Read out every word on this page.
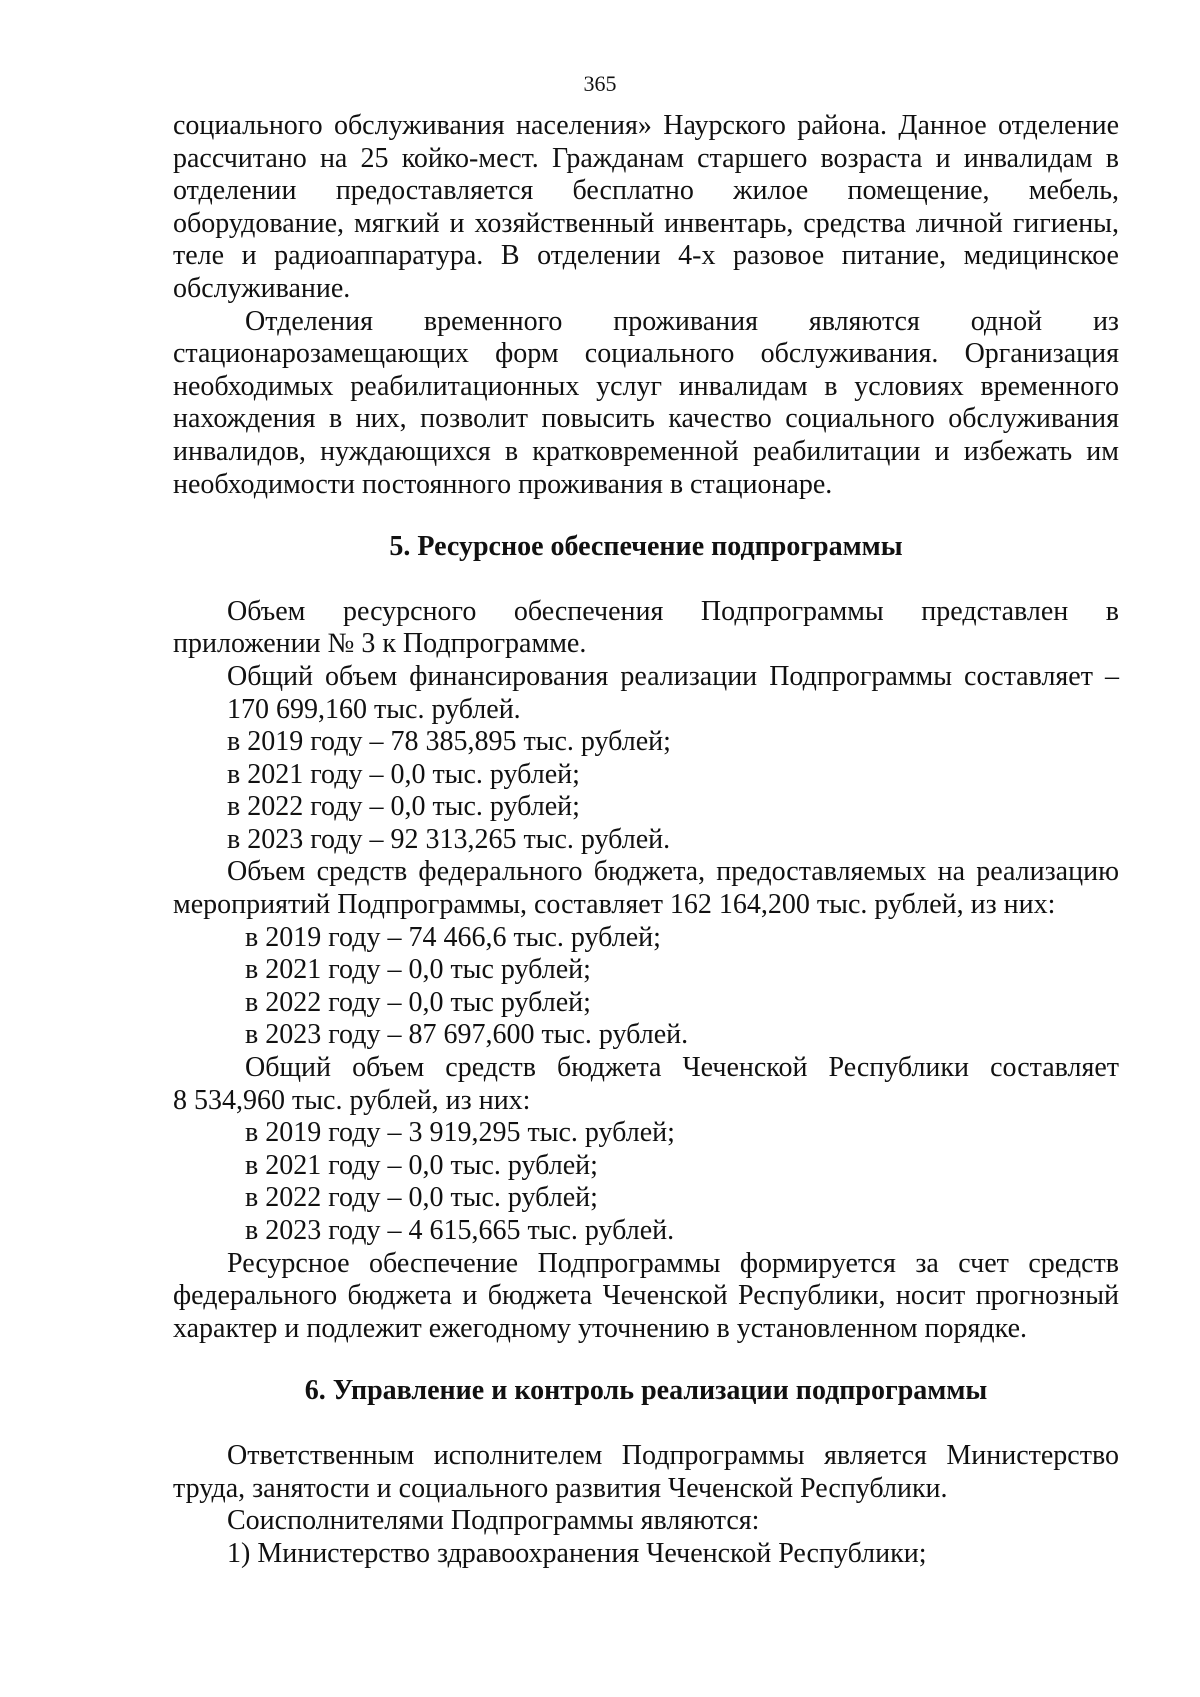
365

социального обслуживания населения» Наурского района. Данное отделение

рассчитано на 25 койко-мест. Гражданам старшего возраста и инвалидам в

отделении предоставляется бесплатно жилое помещение, мебель,

оборудование, мягкий и хозяйственный инвентарь, средства личной гигиены,

теле и радиоаппаратура. В отделении 4-х разовое питание, медицинское

обслуживание.

Отделения временного проживания являются одной из

стационарозамещающих форм социального обслуживания. Организация

необходимых реабилитационных услуг инвалидам в условиях временного

нахождения в них, позволит повысить качество социального обслуживания

инвалидов, нуждающихся в кратковременной реабилитации и избежать им

необходимости постоянного проживания в стационаре.

5. Ресурсное обеспечение подпрограммы

Объем ресурсного обеспечения Подпрограммы представлен в

приложении № 3 к Подпрограмме.

Общий объем финансирования реализации Подпрограммы составляет –

170 699,160 тыс. рублей.

в 2019 году – 78 385,895 тыс. рублей;

в 2021 году – 0,0 тыс. рублей;

в 2022 году – 0,0 тыс. рублей;

в 2023 году – 92 313,265 тыс. рублей.

Объем средств федерального бюджета, предоставляемых на реализацию

мероприятий Подпрограммы, составляет 162 164,200 тыс. рублей, из них:

в 2019 году – 74 466,6 тыс. рублей;

в 2021 году – 0,0 тыс рублей;

в 2022 году – 0,0 тыс рублей;

в 2023 году – 87 697,600 тыс. рублей.

Общий объем средств бюджета Чеченской Республики составляет

8 534,960 тыс. рублей, из них:

в 2019 году – 3 919,295 тыс. рублей;

в 2021 году – 0,0 тыс. рублей;

в 2022 году – 0,0 тыс. рублей;

в 2023 году – 4 615,665 тыс. рублей.

Ресурсное обеспечение Подпрограммы формируется за счет средств

федерального бюджета и бюджета Чеченской Республики, носит прогнозный

характер и подлежит ежегодному уточнению в установленном порядке.

6. Управление и контроль реализации подпрограммы

Ответственным исполнителем Подпрограммы является Министерство

труда, занятости и социального развития Чеченской Республики.

Соисполнителями Подпрограммы являются:

1) Министерство здравоохранения Чеченской Республики;
